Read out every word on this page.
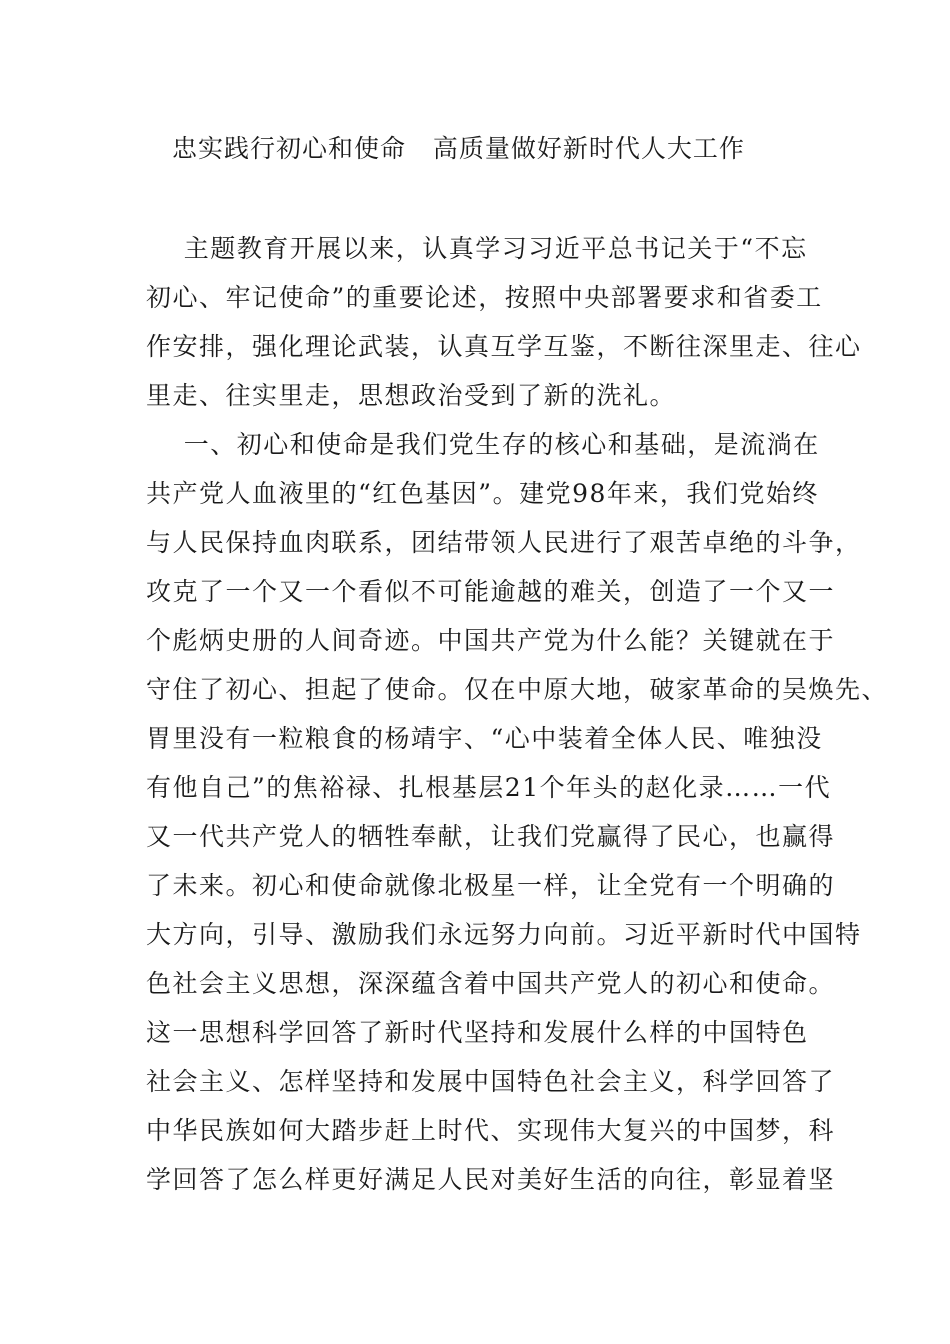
忠实践行初心和使命   高质量做好新时代人大工作
主题教育开展以来，认真学习习近平总书记关于“不忘
初心、牢记使命”的重要论述，按照中央部署要求和省委工
作安排，强化理论武装，认真互学互鉴，不断往深里走、往心
里走、往实里走，思想政治受到了新的洗礼。
一、初心和使命是我们党生存的核心和基础，是流淌在
共产党人血液里的“红色基因”。建党98年来，我们党始终
与人民保持血肉联系，团结带领人民进行了艰苦卓绝的斗争，
攻克了一个又一个看似不可能逾越的难关，创造了一个又一
个彪炳史册的人间奇迹。中国共产党为什么能？关键就在于
守住了初心、担起了使命。仅在中原大地，破家革命的吴焕先、
胃里没有一粒粮食的杨靖宇、“心中装着全体人民、唯独没
有他自己”的焦裕禄、扎根基层21个年头的赵化录……一代
又一代共产党人的牺牲奉献，让我们党赢得了民心，也赢得
了未来。初心和使命就像北极星一样，让全党有一个明确的
大方向，引导、激励我们永远努力向前。习近平新时代中国特
色社会主义思想，深深蕴含着中国共产党人的初心和使命。
这一思想科学回答了新时代坚持和发展什么样的中国特色
社会主义、怎样坚持和发展中国特色社会主义，科学回答了
中华民族如何大踏步赶上时代、实现伟大复兴的中国梦，科
学回答了怎么样更好满足人民对美好生活的向往，彰显着坚
